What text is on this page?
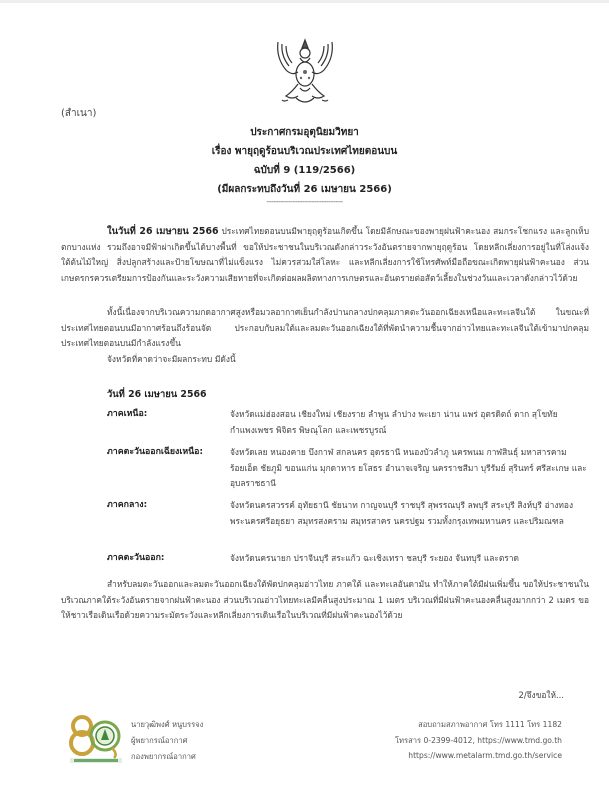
(สำเนา)
ประกาศกรมอุตุนิยมวิทยา
เรื่อง พายุฤดูร้อนบริเวณประเทศไทยตอนบน
ฉบับที่ 9 (119/2566)
(มีผลกระทบถึงวันที่ 26 เมษายน 2566)
--------------------------------
ในวันที่ 26 เมษายน 2566 ประเทศไทยตอนบนมีพายุฤดูร้อนเกิดขึ้น โดยมีลักษณะของพายุฝนฟ้าคะนอง สมกระโชกแรง และลูกเห็บตกบางแห่ง รวมถึงอาจมีฟ้าผ่าเกิดขึ้นได้บางพื้นที่ ขอให้ประชาชนในบริเวณดังกล่าวระวังอันตรายจากพายุฤดูร้อน โดยหลีกเลี่ยงการอยู่ในที่โล่งแจ้ง ใต้ต้นไม้ใหญ่ สิ่งปลูกสร้างและป้ายโฆษณาที่ไม่แข็งแรง ไม่ควรสวมใส่โลหะ และหลีกเลี่ยงการใช้โทรศัพท์มือถือขณะเกิดพายุฝนฟ้าคะนอง ส่วนเกษตรกรควรเตรียมการป้องกันและระวังความเสียหายที่จะเกิดต่อผลผลิตทางการเกษตรและอันตรายต่อสัตว์เลี้ยงในช่วงวันและเวลาดังกล่าวไว้ด้วย
ทั้งนี้เนื่องจากบริเวณความกดอากาศสูงหรือมวลอากาศเย็นกำลังปานกลางปกคลุมภาคตะวันออกเฉียงเหนือและทะเลจีนใต้ ในขณะที่ประเทศไทยตอนบนมีอากาศร้อนถึงร้อนจัด ประกอบกับลมใต้และลมตะวันออกเฉียงใต้ที่พัดนำความชื้นจากอ่าวไทยและทะเลจีนใต้เข้ามาปกคลุมประเทศไทยตอนบนมีกำลังแรงขึ้น
จังหวัดที่คาดว่าจะมีผลกระทบ มีดังนี้
วันที่ 26 เมษายน 2566
ภาคเหนือ:	จังหวัดแม่ฮ่องสอน เชียงใหม่ เชียงราย ลำพูน ลำปาง พะเยา น่าน แพร่ อุตรดิตถ์ ตาก สุโขทัย กำแพงเพชร พิจิตร พิษณุโลก และเพชรบูรณ์
ภาคตะวันออกเฉียงเหนือ:	จังหวัดเลย หนองคาย บึงกาฬ สกลนคร อุดรธานี หนองบัวลำภู นครพนม กาฬสินธุ์ มหาสารคาม ร้อยเอ็ด ชัยภูมิ ขอนแก่น มุกดาหาร ยโสธร อำนาจเจริญ นครราชสีมา บุรีรัมย์ สุรินทร์ ศรีสะเกษ และอุบลราชธานี
ภาคกลาง:	จังหวัดนครสวรรค์ อุทัยธานี ชัยนาท กาญจนบุรี ราชบุรี สุพรรณบุรี ลพบุรี สระบุรี สิงห์บุรี อ่างทอง พระนครศรีอยุธยา สมุทรสงคราม สมุทรสาคร นครปฐม รวมทั้งกรุงเทพมหานคร และปริมณฑล
ภาคตะวันออก:	จังหวัดนครนายก ปราจีนบุรี สระแก้ว ฉะเชิงเทรา ชลบุรี ระยอง จันทบุรี และตราด
สำหรับลมตะวันออกและลมตะวันออกเฉียงใต้พัดปกคลุมอ่าวไทย ภาคใต้ และทะเลอันดามัน ทำให้ภาคใต้มีฝนเพิ่มขึ้น ขอให้ประชาชนในบริเวณภาคใต้ระวังอันตรายจากฝนฟ้าคะนอง ส่วนบริเวณอ่าวไทยทะเลมีคลื่นสูงประมาณ 1 เมตร บริเวณที่มีฝนฟ้าคะนองคลื่นสูงมากกว่า 2 เมตร ขอให้ชาวเรือเดินเรือด้วยความระมัดระวังและหลีกเลี่ยงการเดินเรือในบริเวณที่มีฝนฟ้าคะนองไว้ด้วย
2/จึงขอให้...
นายวุฒิพงศ์ หนูบรรจง
ผู้พยากรณ์อากาศ
กองพยากรณ์อากาศ
สอบถามสภาพอากาศ โทร 1111 โทร 1182
โทรสาร 0-2399-4012, https://www.tmd.go.th
https://www.metalarm.tmd.go.th/service
